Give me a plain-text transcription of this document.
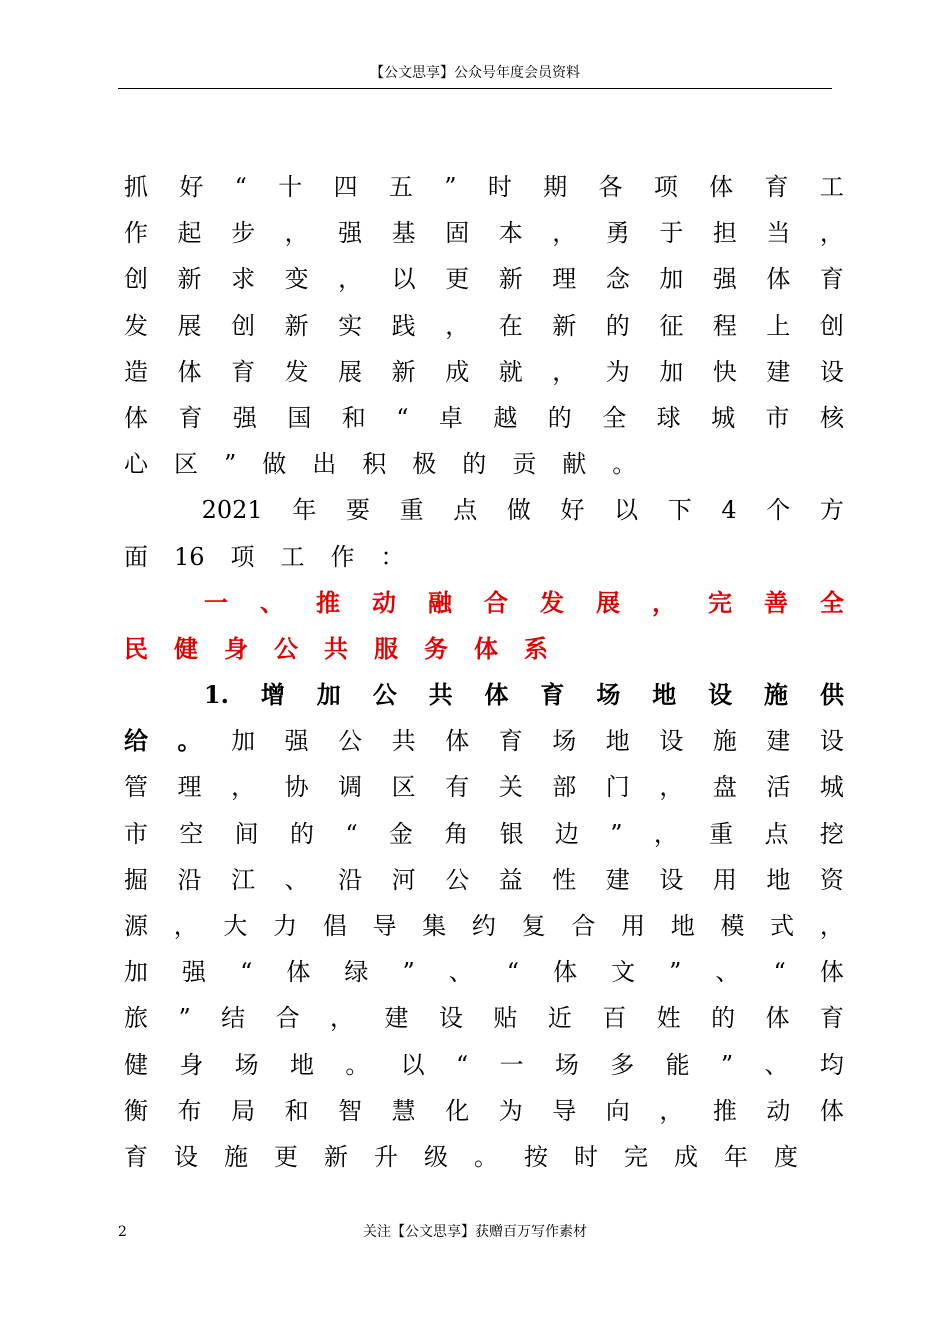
【公文思享】公众号年度会员资料
抓 好 “ 十 四 五 ” 时 期 各 项 体 育 工
作 起 步 ， 强 基 固 本 ， 勇 于 担 当 ，
创 新 求 变 ， 以 更 新 理 念 加 强 体 育
发 展 创 新 实 践 ， 在 新 的 征 程 上 创
造 体 育 发 展 新 成 就 ， 为 加 快 建 设
体 育 强 国 和 “ 卓 越 的 全 球 城 市 核
心 区 ” 做 出 积 极 的 贡 献 。
2021 年 要 重 点 做 好 以 下 4 个 方
面 16 项 工 作 ：
一 、 推 动 融 合 发 展 ， 完 善 全
民 健 身 公 共 服 务 体 系
1. 增 加 公 共 体 育 场 地 设 施 供
给 。 加 强 公 共 体 育 场 地 设 施 建 设
管 理 ， 协 调 区 有 关 部 门 ， 盘 活 城
市 空 间 的 “ 金 角 银 边 ” ， 重 点 挖
掘 沿 江 、 沿 河 公 益 性 建 设 用 地 资
源 ， 大 力 倡 导 集 约 复 合 用 地 模 式 ，
加 强 “ 体 绿 ” 、 “ 体 文 ” 、 “ 体
旅 ” 结 合 ， 建 设 贴 近 百 姓 的 体 育
健 身 场 地 。 以 “ 一 场 多 能 ” 、 均
衡 布 局 和 智 慧 化 为 导 向 ， 推 动 体
育 设 施 更 新 升 级 。 按 时 完 成 年 度
2	关注【公文思享】获赠百万写作素材
